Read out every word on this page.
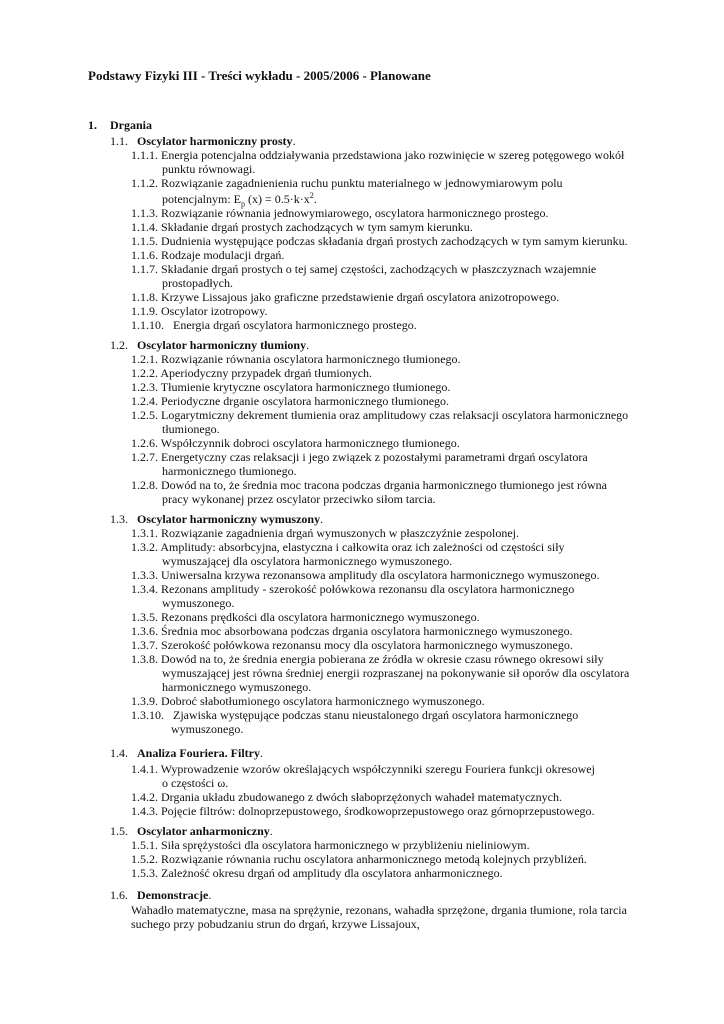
Podstawy Fizyki III - Treści wykładu - 2005/2006 - Planowane
1. Drgania
1.1. Oscylator harmoniczny prosty.
1.1.1. Energia potencjalna oddziaływania przedstawiona jako rozwinięcie w szereg potęgowego wokół
punktu równowagi.
1.1.2. Rozwiązanie zagadnienienia ruchu punktu materialnego w jednowymiarowym polu
potencjalnym: $E_p$ $(x) = 0.5\cdot k\cdot x^2$.
1.1.3. Rozwiązanie równania jednowymiarowego, oscylatora harmonicznego prostego.
1.1.4. Składanie drgań prostych zachodzących w tym samym kierunku.
1.1.5. Dudnienia występujące podczas składania drgań prostych zachodzących w tym samym kierunku.
1.1.6. Rodzaje modulacji drgań.
1.1.7. Składanie drgań prostych o tej samej częstości, zachodzących w płaszczyznach wzajemnie
prostopadłych.
1.1.8. Krzywe Lissajous jako graficzne przedstawienie drgań oscylatora anizotropowego.
1.1.9. Oscylator izotropowy.
1.1.10. Energia drgań oscylatora harmonicznego prostego.
1.2. Oscylator harmoniczny tłumiony.
1.2.1. Rozwiązanie równania oscylatora harmonicznego tłumionego.
1.2.2. Aperiodyczny przypadek drgań tłumionych.
1.2.3. Tłumienie krytyczne oscylatora harmonicznego tłumionego.
1.2.4. Periodyczne drganie oscylatora harmonicznego tłumionego.
1.2.5. Logarytmiczny dekrement tłumienia oraz amplitudowy czas relaksacji oscylatora harmonicznego
tłumionego.
1.2.6. Współczynnik dobroci oscylatora harmonicznego tłumionego.
1.2.7. Energetyczny czas relaksacji i jego związek z pozostałymi parametrami drgań oscylatora
harmonicznego tłumionego.
1.2.8. Dowód na to, że średnia moc tracona podczas drgania harmonicznego tłumionego jest równa
pracy wykonanej przez oscylator przeciwko siłom tarcia.
1.3. Oscylator harmoniczny wymuszony.
1.3.1. Rozwiązanie zagadnienia drgań wymuszonych w płaszczyźnie zespolonej.
1.3.2. Amplitudy: absorbcyjna, elastyczna i całkowita oraz ich zależności od częstości siły
wymuszającej dla oscylatora harmonicznego wymuszonego.
1.3.3. Uniwersalna krzywa rezonansowa amplitudy dla oscylatora harmonicznego wymuszonego.
1.3.4. Rezonans amplitudy - szerokość połówkowa rezonansu dla oscylatora harmonicznego
wymuszonego.
1.3.5. Rezonans prędkości dla oscylatora harmonicznego wymuszonego.
1.3.6. Średnia moc absorbowana podczas drgania oscylatora harmonicznego wymuszonego.
1.3.7. Szerokość połówkowa rezonansu mocy dla oscylatora harmonicznego wymuszonego.
1.3.8. Dowód na to, że średnia energia pobierana ze źródła w okresie czasu równego okresowi siły
wymuszającej jest równa średniej energii rozpraszanej na pokonywanie sił oporów dla oscylatora
harmonicznego wymuszonego.
1.3.9. Dobroć słabotłumionego oscylatora harmonicznego wymuszonego.
1.3.10. Zjawiska występujące podczas stanu nieustalonego drgań oscylatora harmonicznego
wymuszonego.
1.4. Analiza Fouriera. Filtry.
1.4.1. Wyprowadzenie wzorów określających współczynniki szeregu Fouriera funkcji okresowej
o częstości ω.
1.4.2. Drgania układu zbudowanego z dwóch słaboprzężonych wahadeł matematycznych.
1.4.3. Pojęcie filtrów: dolnoprzepustowego, środkowoprzepustowego oraz górnoprzepustowego.
1.5. Oscylator anharmoniczny.
1.5.1. Siła sprężystości dla oscylatora harmonicznego w przybliżeniu nieliniowym.
1.5.2. Rozwiązanie równania ruchu oscylatora anharmonicznego metodą kolejnych przybliżeń.
1.5.3. Zależność okresu drgań od amplitudy dla oscylatora anharmonicznego.
1.6. Demonstracje.
Wahadło matematyczne, masa na sprężynie, rezonans, wahadła sprzężone, drgania tłumione, rola tarcia
suchego przy pobudzaniu strun do drgań, krzywe Lissajoux,
